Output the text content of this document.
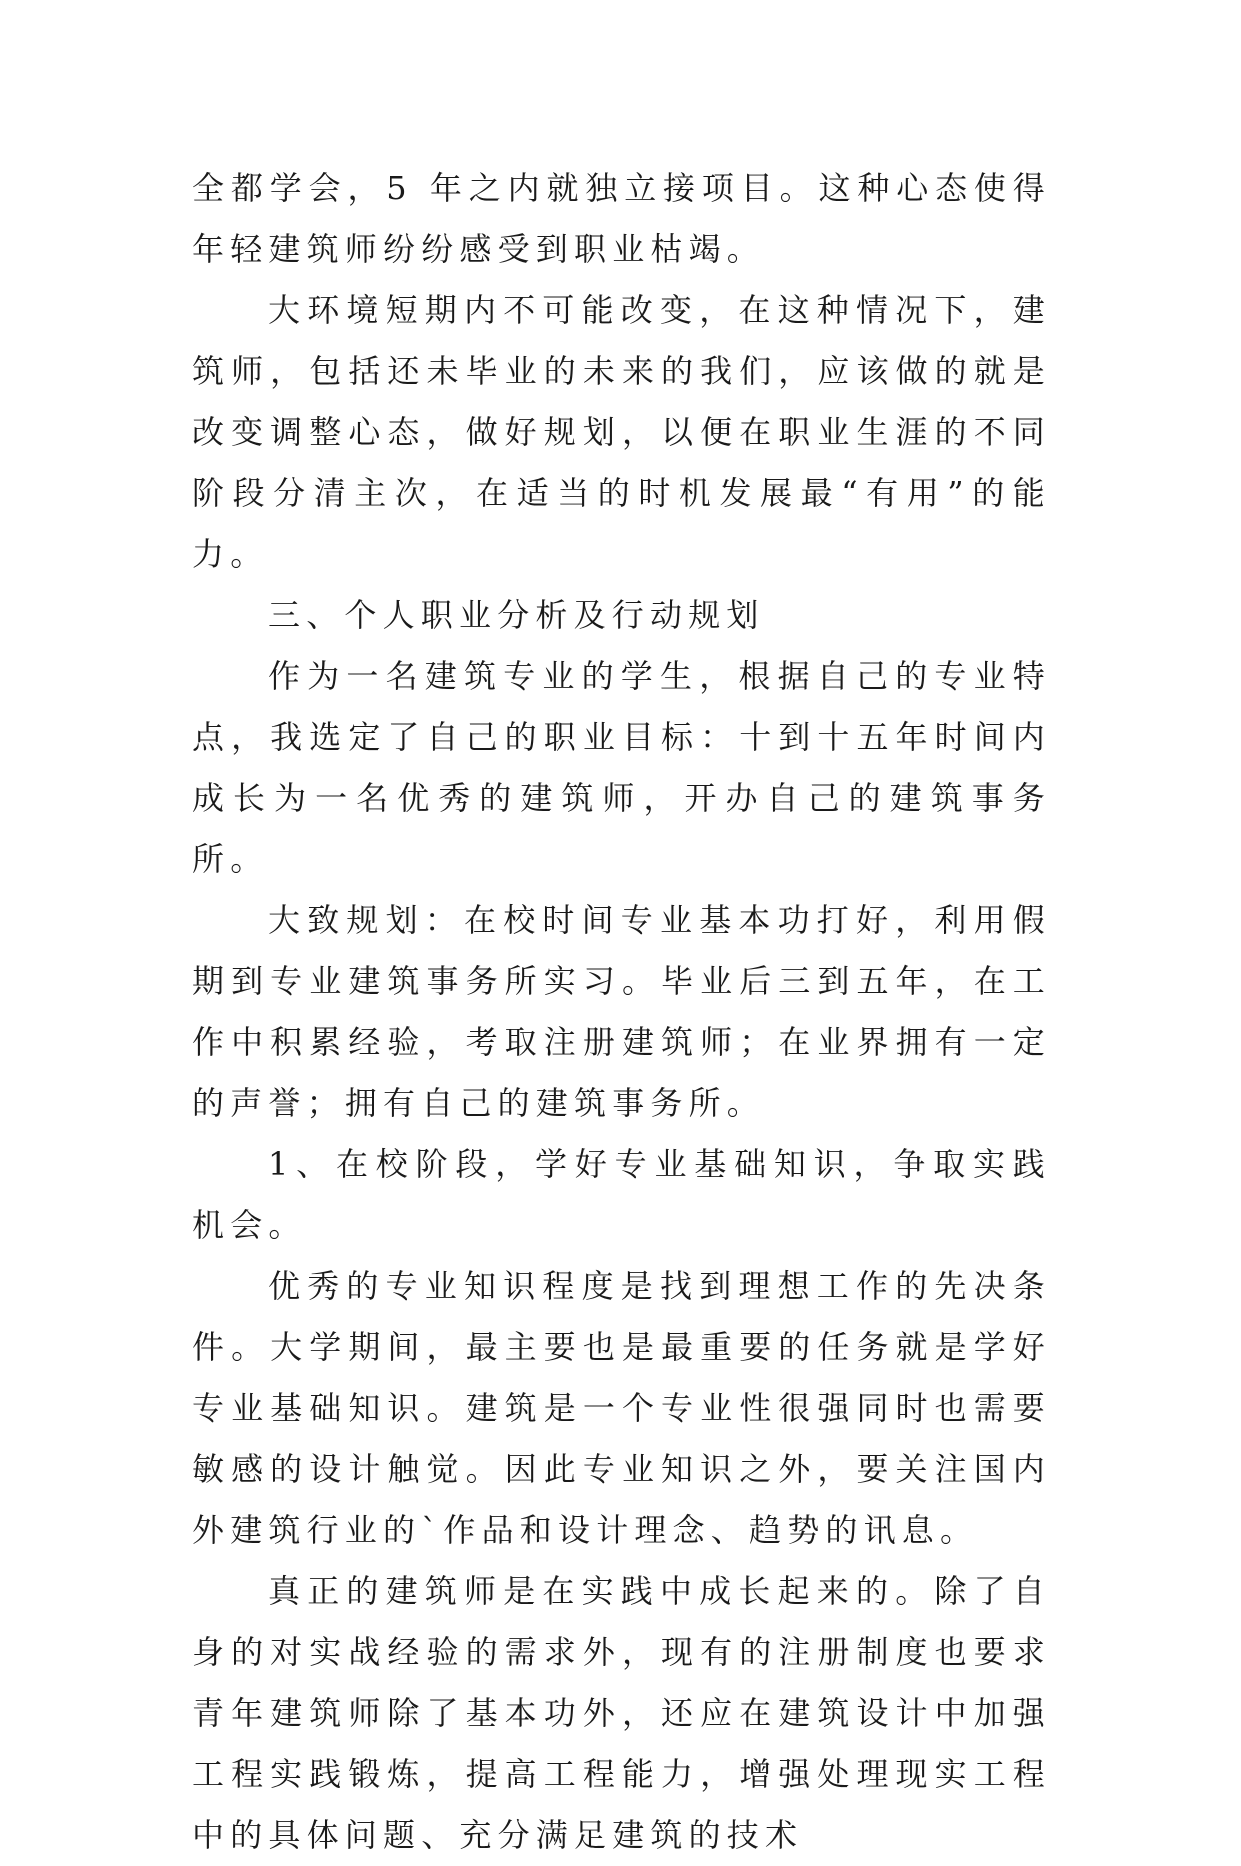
全都学会，5 年之内就独立接项目。这种心态使得年轻建筑师纷纷感受到职业枯竭。

大环境短期内不可能改变，在这种情况下，建筑师，包括还未毕业的未来的我们，应该做的就是改变调整心态，做好规划，以便在职业生涯的不同阶段分清主次，在适当的时机发展最“有用”的能力。

三、个人职业分析及行动规划

作为一名建筑专业的学生，根据自己的专业特点，我选定了自己的职业目标：十到十五年时间内成长为一名优秀的建筑师，开办自己的建筑事务所。

大致规划：在校时间专业基本功打好，利用假期到专业建筑事务所实习。毕业后三到五年，在工作中积累经验，考取注册建筑师；在业界拥有一定的声誉；拥有自己的建筑事务所。

1、在校阶段，学好专业基础知识，争取实践机会。

优秀的专业知识程度是找到理想工作的先决条件。大学期间，最主要也是最重要的任务就是学好专业基础知识。建筑是一个专业性很强同时也需要敏感的设计触觉。因此专业知识之外，要关注国内外建筑行业的`作品和设计理念、趋势的讯息。

真正的建筑师是在实践中成长起来的。除了自身的对实战经验的需求外，现有的注册制度也要求青年建筑师除了基本功外，还应在建筑设计中加强工程实践锻炼，提高工程能力，增强处理现实工程中的具体问题、充分满足建筑的技术
